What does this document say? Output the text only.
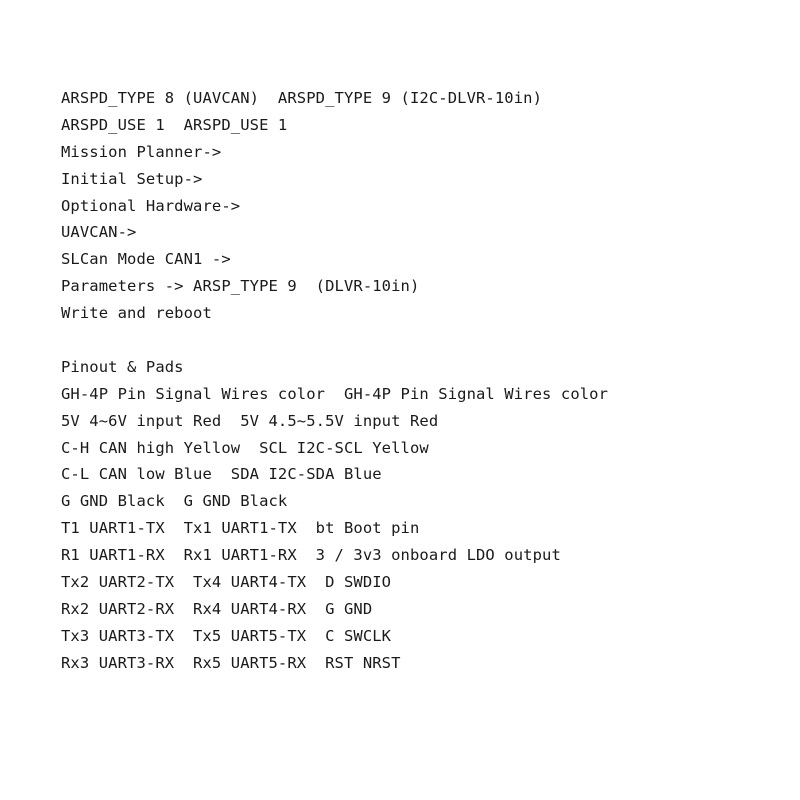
ARSPD_TYPE 8 (UAVCAN)  ARSPD_TYPE 9 (I2C-DLVR-10in)
ARSPD_USE 1  ARSPD_USE 1
Mission Planner->
Initial Setup->
Optional Hardware->
UAVCAN->
SLCan Mode CAN1 ->
Parameters -> ARSP_TYPE 9  (DLVR-10in)
Write and reboot
Pinout & Pads
GH-4P Pin Signal Wires color  GH-4P Pin Signal Wires color
5V 4~6V input Red  5V 4.5~5.5V input Red
C-H CAN high Yellow  SCL I2C-SCL Yellow
C-L CAN low Blue  SDA I2C-SDA Blue
G GND Black  G GND Black
T1 UART1-TX  Tx1 UART1-TX  bt Boot pin
R1 UART1-RX  Rx1 UART1-RX  3 / 3v3 onboard LDO output
Tx2 UART2-TX  Tx4 UART4-TX  D SWDIO
Rx2 UART2-RX  Rx4 UART4-RX  G GND
Tx3 UART3-TX  Tx5 UART5-TX  C SWCLK
Rx3 UART3-RX  Rx5 UART5-RX  RST NRST
